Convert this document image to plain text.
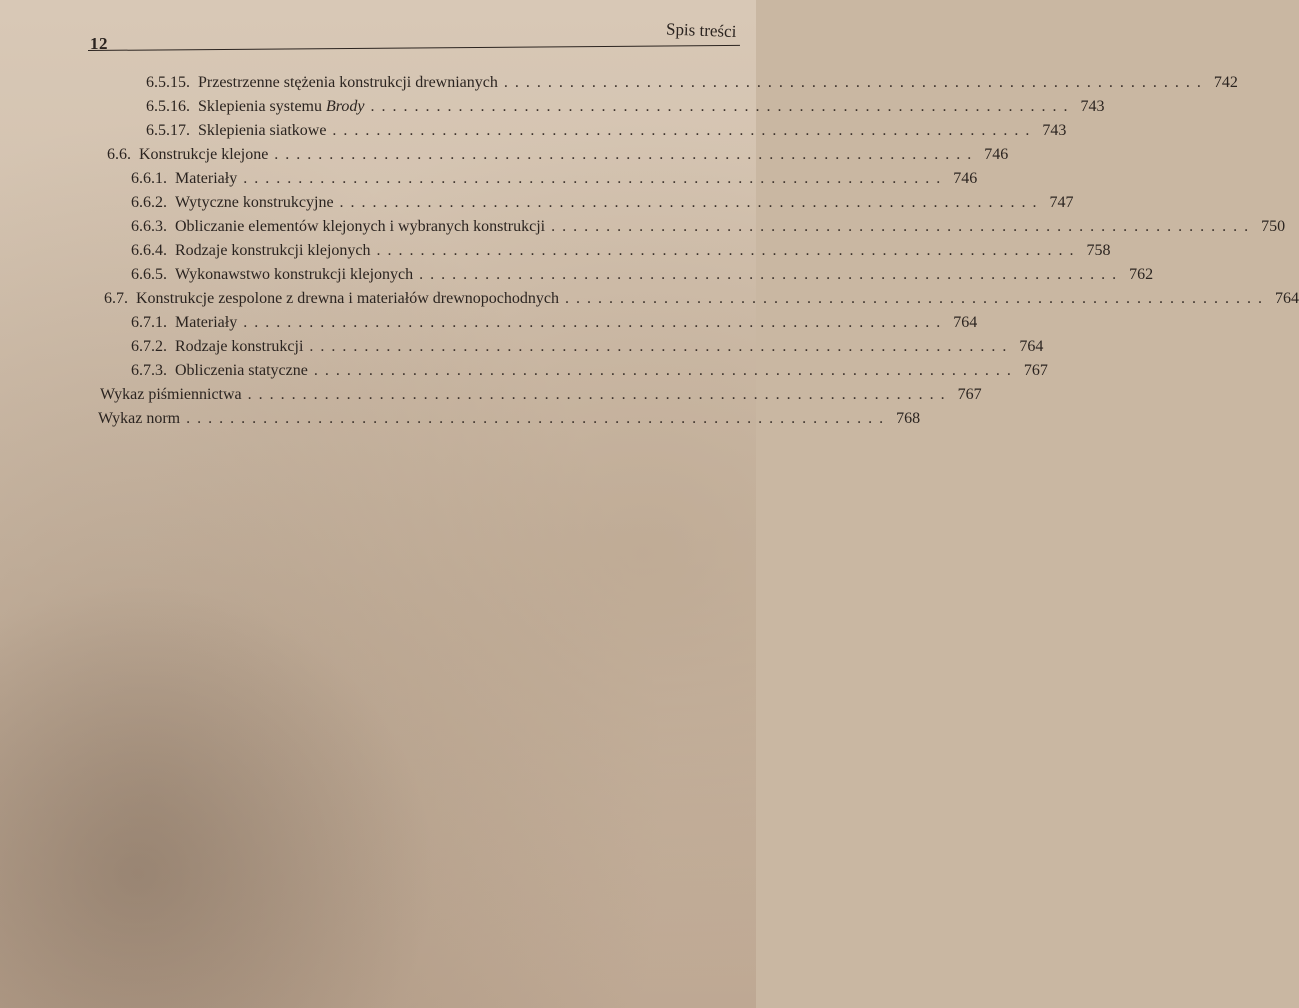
12
Spis treści
6.5.15. Przestrzenne stężenia konstrukcji drewnianych ................................................................ 742
6.5.16. Sklepienia systemu Brody ................................................................ 743
6.5.17. Sklepienia siatkowe ................................................................ 743
6.6. Konstrukcje klejone ................................................................ 746
6.6.1. Materiały ................................................................ 746
6.6.2. Wytyczne konstrukcyjne ................................................................ 747
6.6.3. Obliczanie elementów klejonych i wybranych konstrukcji ................................................................ 750
6.6.4. Rodzaje konstrukcji klejonych ................................................................ 758
6.6.5. Wykonawstwo konstrukcji klejonych ................................................................ 762
6.7. Konstrukcje zespolone z drewna i materiałów drewnopochodnych ................................................................ 764
6.7.1. Materiały ................................................................ 764
6.7.2. Rodzaje konstrukcji ................................................................ 764
6.7.3. Obliczenia statyczne ................................................................ 767
Wykaz piśmiennictwa ................................................................ 767
Wykaz norm ................................................................ 768
